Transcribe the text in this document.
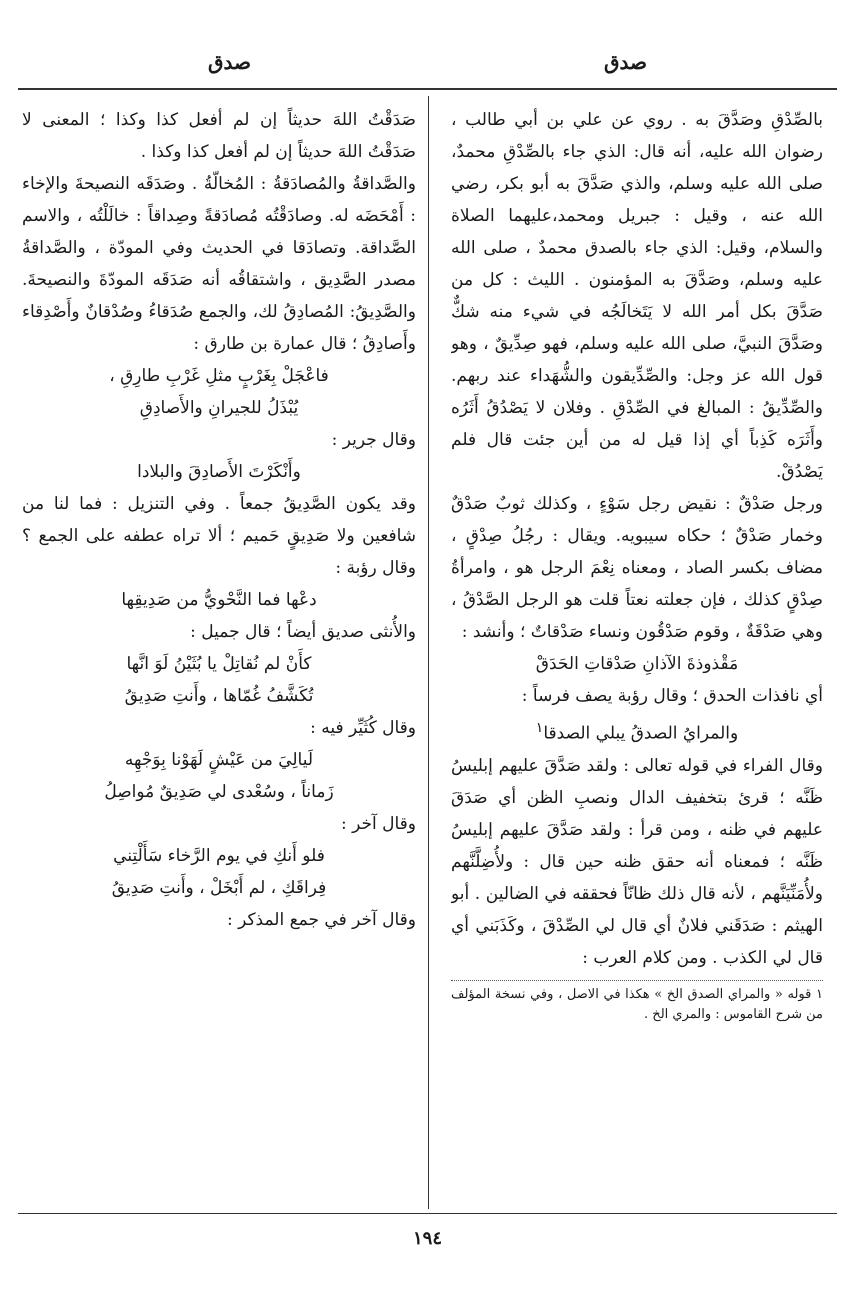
صدق
صدق

بالصِّدْقِ وصَدَّقَ به . روي عن علي بن أبي طالب ، رضوان الله عليه، أنه قال: الذي جاء بالصِّدْقِ محمدٌ، صلى الله عليه وسلم، والذي صَدَّقَ به أبو بكر، رضي الله عنه ، وقيل : جبريل ومحمد،عليهما الصلاة والسلام، وقيل: الذي جاء بالصدق محمدٌ ، صلى الله عليه وسلم، وصَدَّقَ به المؤمنون . الليث : كل من صَدَّقَ بكل أمر الله لا يَتَخالَجُه في شيء منه شكٌّ وصَدَّقَ النبيَّ، صلى الله عليه وسلم، فهو صِدِّيقٌ ، وهو قول الله عز وجل: والصِّدِّيقون والشُّهَداء عند ربهم. والصِّدِّيقُ : المبالغ في الصِّدْقِ . وفلان لا يَصْدُقُ أَثَرُه وأَثَرَه كَذِباً أي إذا قيل له من أين جئت قال فلم يَصْدُقْ.

ورجل صَدْقٌ : نقيض رجل سَوْءٍ ، وكذلك ثوبٌ صَدْقٌ وخمار صَدْقٌ ؛ حكاه سيبويه. ويقال : رجُلُ صِدْقٍ ، مضاف بكسر الصاد ، ومعناه نِعْمَ الرجل هو ، وامرأةُ صِدْقٍ كذلك ، فإن جعلته نعتاً قلت هو الرجل الصَّدْقُ ، وهي صَدْقَةٌ ، وقوم صَدْقُون ونساء صَدْقاتٌ ؛ وأنشد :

مَقْذوذةَ الآذانِ صَدْقاتِ الحَدَقْ

أي نافذات الحدق ؛ وقال رؤبة يصف فرساً :

والمرايُ الصدقُ يبلي الصدقا$^١$

وقال الفراء في قوله تعالى : ولقد صَدَّقَ عليهم إبليسُ ظَنَّه ؛ قرئ بتخفيف الدال ونصبِ الظن أي صَدَقَ عليهم في ظنه ، ومن قرأ : ولقد صَدَّقَ عليهم إبليسُ ظَنَّه ؛ فمعناه أنه حقق ظنه حين قال : ولأُضِلَّنَّهم ولأُمَنِّيَنَّهم ، لأنه قال ذلك ظانّاً فحققه في الضالين . أبو الهيثم : صَدَقَني فلانٌ أي قال لي الصِّدْقَ ، وكَذَبَني أي قال لي الكذب . ومن كلام العرب :

١ قوله « والمراي الصدق الخ » هكذا في الاصل ، وفي نسخة المؤلف من شرح القاموس : والمري الخ .

صَدَقْتُ اللهَ حديثاً إن لم أفعل كذا وكذا ؛ المعنى لا صَدَقْتُ اللهَ حديثاً إن لم أفعل كذا وكذا .

والصَّداقةُ والمُصادَقةُ : المُخالّةُ . وصَدَقَه النصيحةَ والإخاء : أَمْحَضَه له. وصادَقْتُه مُصادَقةً وصِداقاً : خالَلْتُه ، والاسم الصَّداقة. وتصادَقا في الحديث وفي المودّة ، والصَّداقةُ مصدر الصَّدِيق ، واشتقاقُه أنه صَدَقَه المودّةَ والنصيحةَ. والصَّدِيقُ: المُصادِقُ لك، والجمع صُدَقاءُ وصُدْقانٌ وأَصْدِقاء وأَصادِقُ ؛ قال عمارة بن طارق :

فاعْجَلْ بِغَرْبٍ مثلِ غَرْبِ طارِقِ ،

يُبْذَلُ للجيرانِ والأَصادِقِ

وقال جرير :

وأَنْكَرْتَ الأَصادِقَ والبلادا

وقد يكون الصَّدِيقُ جمعاً . وفي التنزيل : فما لنا من شافعين ولا صَدِيقٍ حَميم ؛ ألا تراه عطفه على الجمع ؟ وقال رؤبة :

دعْها فما النَّحْويُّ من صَدِيقِها

والأُنثى صديق أيضاً ؛ قال جميل :

كأَنْ لم نُقاتِلْ يا بُثَيْنُ لَوَ انَّها

تُكَشَّفُ غُمّاها ، وأَنتِ صَدِيقُ

وقال كُثَيِّر فيه :

لَيالِيَ من عَيْشٍ لَهَوْنا بِوَجْهِه

زَماناً ، وسُعْدى لي صَدِيقٌ مُواصِلُ

وقال آخر :

فلو أَنكِ في يوم الرَّخاء سَأَلْتِني

فِراقَكِ ، لم أَبْخَلْ ، وأَنتِ صَدِيقُ

وقال آخر في جمع المذكر :

١٩٤
